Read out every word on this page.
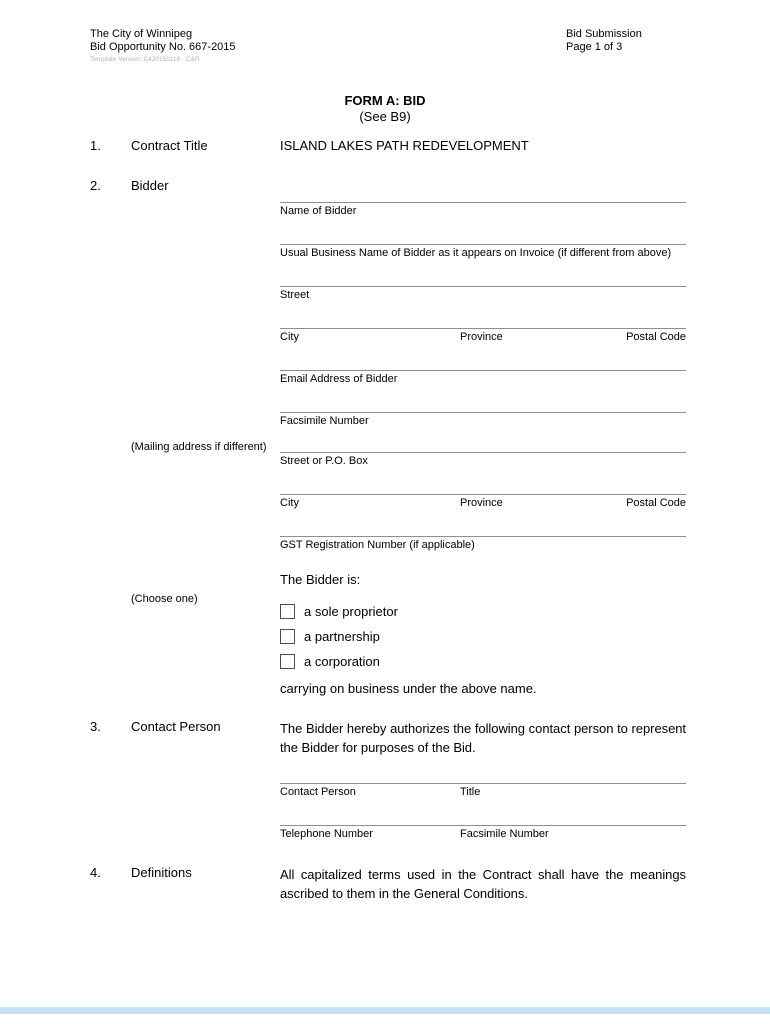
The City of Winnipeg
Bid Opportunity No. 667-2015
Template Version: C420150116 - C&R
Bid Submission
Page 1 of 3
FORM A: BID
(See B9)
1.	Contract Title	ISLAND LAKES PATH REDEVELOPMENT
2.	Bidder
Name of Bidder
Usual Business Name of Bidder as it appears on Invoice (if different from above)
Street
City	Province	Postal Code
Email Address of Bidder
Facsimile Number
(Mailing address if different)
Street or P.O. Box
City	Province	Postal Code
GST Registration Number (if applicable)
(Choose one)
The Bidder is:
a sole proprietor
a partnership
a corporation
carrying on business under the above name.
3.	Contact Person	The Bidder hereby authorizes the following contact person to represent the Bidder for purposes of the Bid.
Contact Person	Title
Telephone Number	Facsimile Number
4.	Definitions	All capitalized terms used in the Contract shall have the meanings ascribed to them in the General Conditions.
